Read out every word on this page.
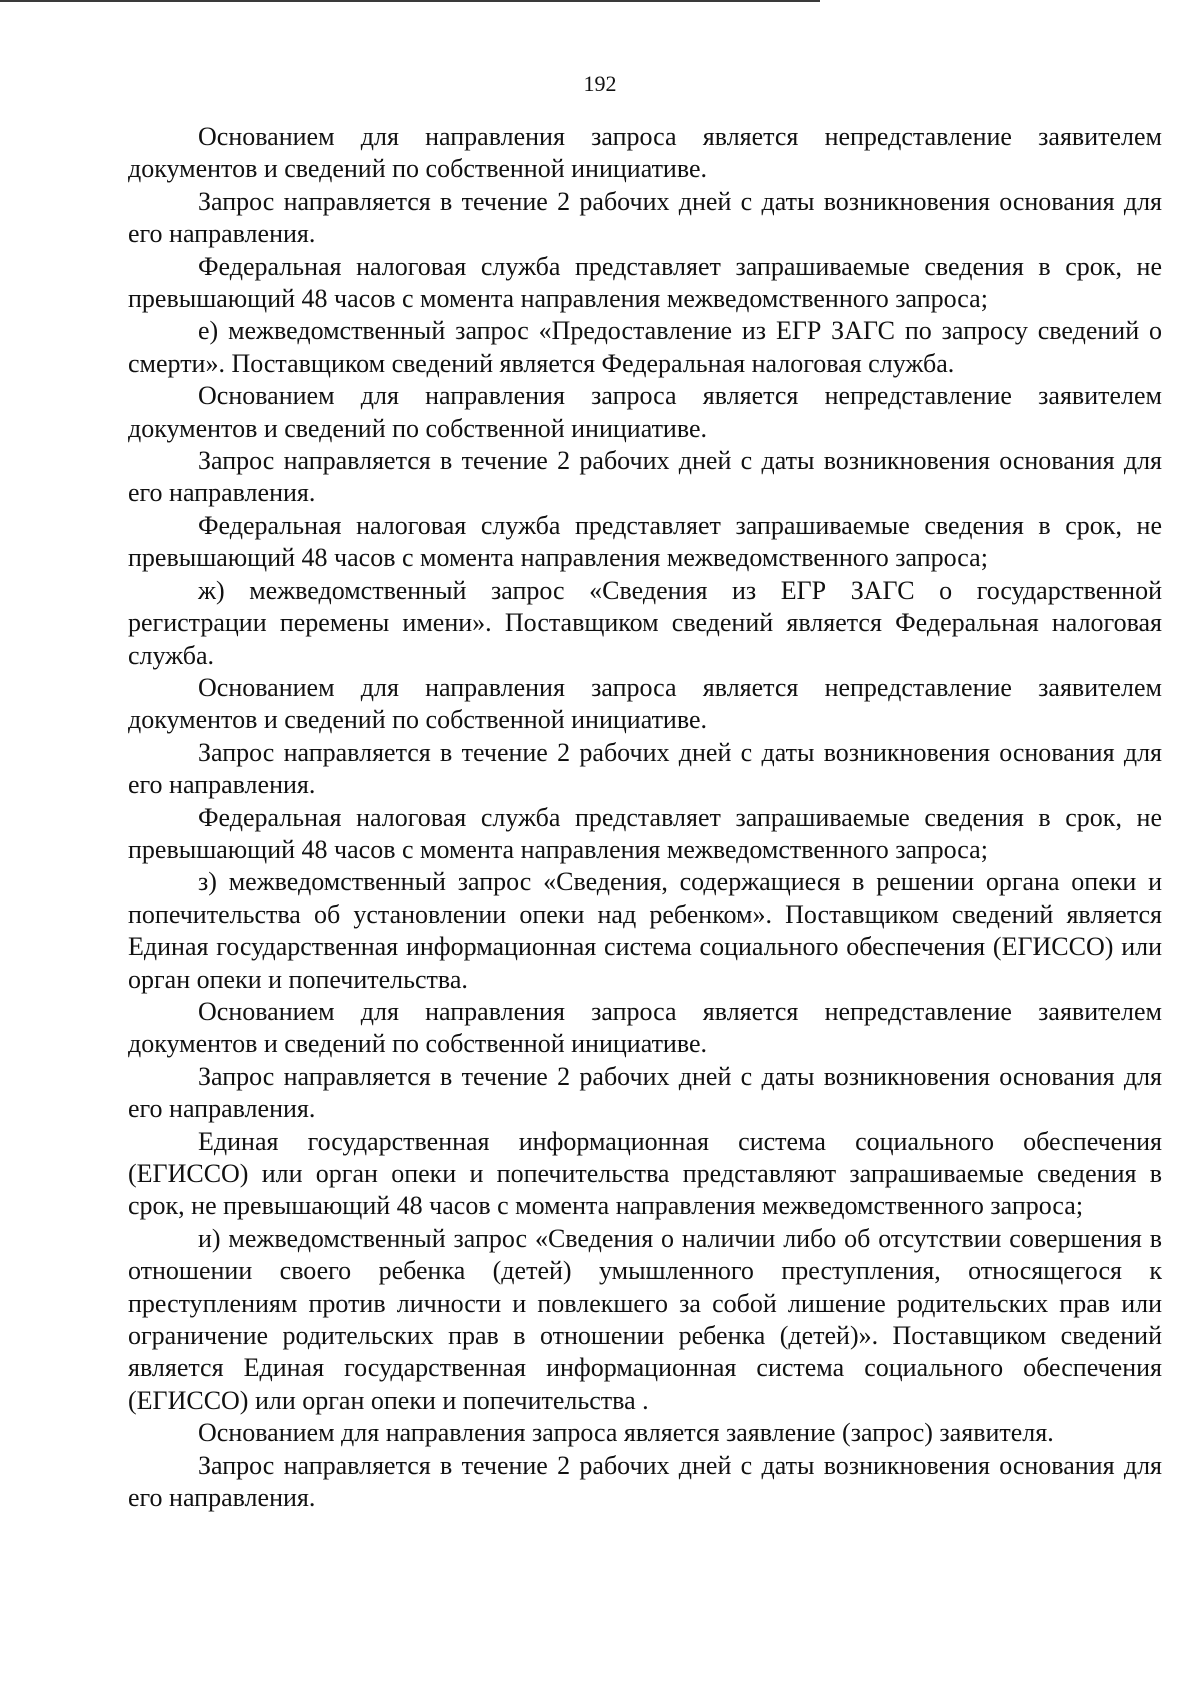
192

Основанием для направления запроса является непредставление заявителем документов и сведений по собственной инициативе.

Запрос направляется в течение 2 рабочих дней с даты возникновения основания для его направления.

Федеральная налоговая служба представляет запрашиваемые сведения в срок, не превышающий 48 часов с момента направления межведомственного запроса;

е) межведомственный запрос «Предоставление из ЕГР ЗАГС по запросу сведений о смерти». Поставщиком сведений является Федеральная налоговая служба.

Основанием для направления запроса является непредставление заявителем документов и сведений по собственной инициативе.

Запрос направляется в течение 2 рабочих дней с даты возникновения основания для его направления.

Федеральная налоговая служба представляет запрашиваемые сведения в срок, не превышающий 48 часов с момента направления межведомственного запроса;

ж) межведомственный запрос «Сведения из ЕГР ЗАГС о государственной регистрации перемены имени». Поставщиком сведений является Федеральная налоговая служба.

Основанием для направления запроса является непредставление заявителем документов и сведений по собственной инициативе.

Запрос направляется в течение 2 рабочих дней с даты возникновения основания для его направления.

Федеральная налоговая служба представляет запрашиваемые сведения в срок, не превышающий 48 часов с момента направления межведомственного запроса;

з) межведомственный запрос «Сведения, содержащиеся в решении органа опеки и попечительства об установлении опеки над ребенком». Поставщиком сведений является Единая государственная информационная система социального обеспечения (ЕГИССО) или орган опеки и попечительства.

Основанием для направления запроса является непредставление заявителем документов и сведений по собственной инициативе.

Запрос направляется в течение 2 рабочих дней с даты возникновения основания для его направления.

Единая государственная информационная система социального обеспечения (ЕГИССО) или орган опеки и попечительства представляют запрашиваемые сведения в срок, не превышающий 48 часов с момента направления межведомственного запроса;

и) межведомственный запрос «Сведения о наличии либо об отсутствии совершения в отношении своего ребенка (детей) умышленного преступления, относящегося к преступлениям против личности и повлекшего за собой лишение родительских прав или ограничение родительских прав в отношении ребенка (детей)». Поставщиком сведений является Единая государственная информационная система социального обеспечения (ЕГИССО) или орган опеки и попечительства .

Основанием для направления запроса является заявление (запрос) заявителя.

Запрос направляется в течение 2 рабочих дней с даты возникновения основания для его направления.
